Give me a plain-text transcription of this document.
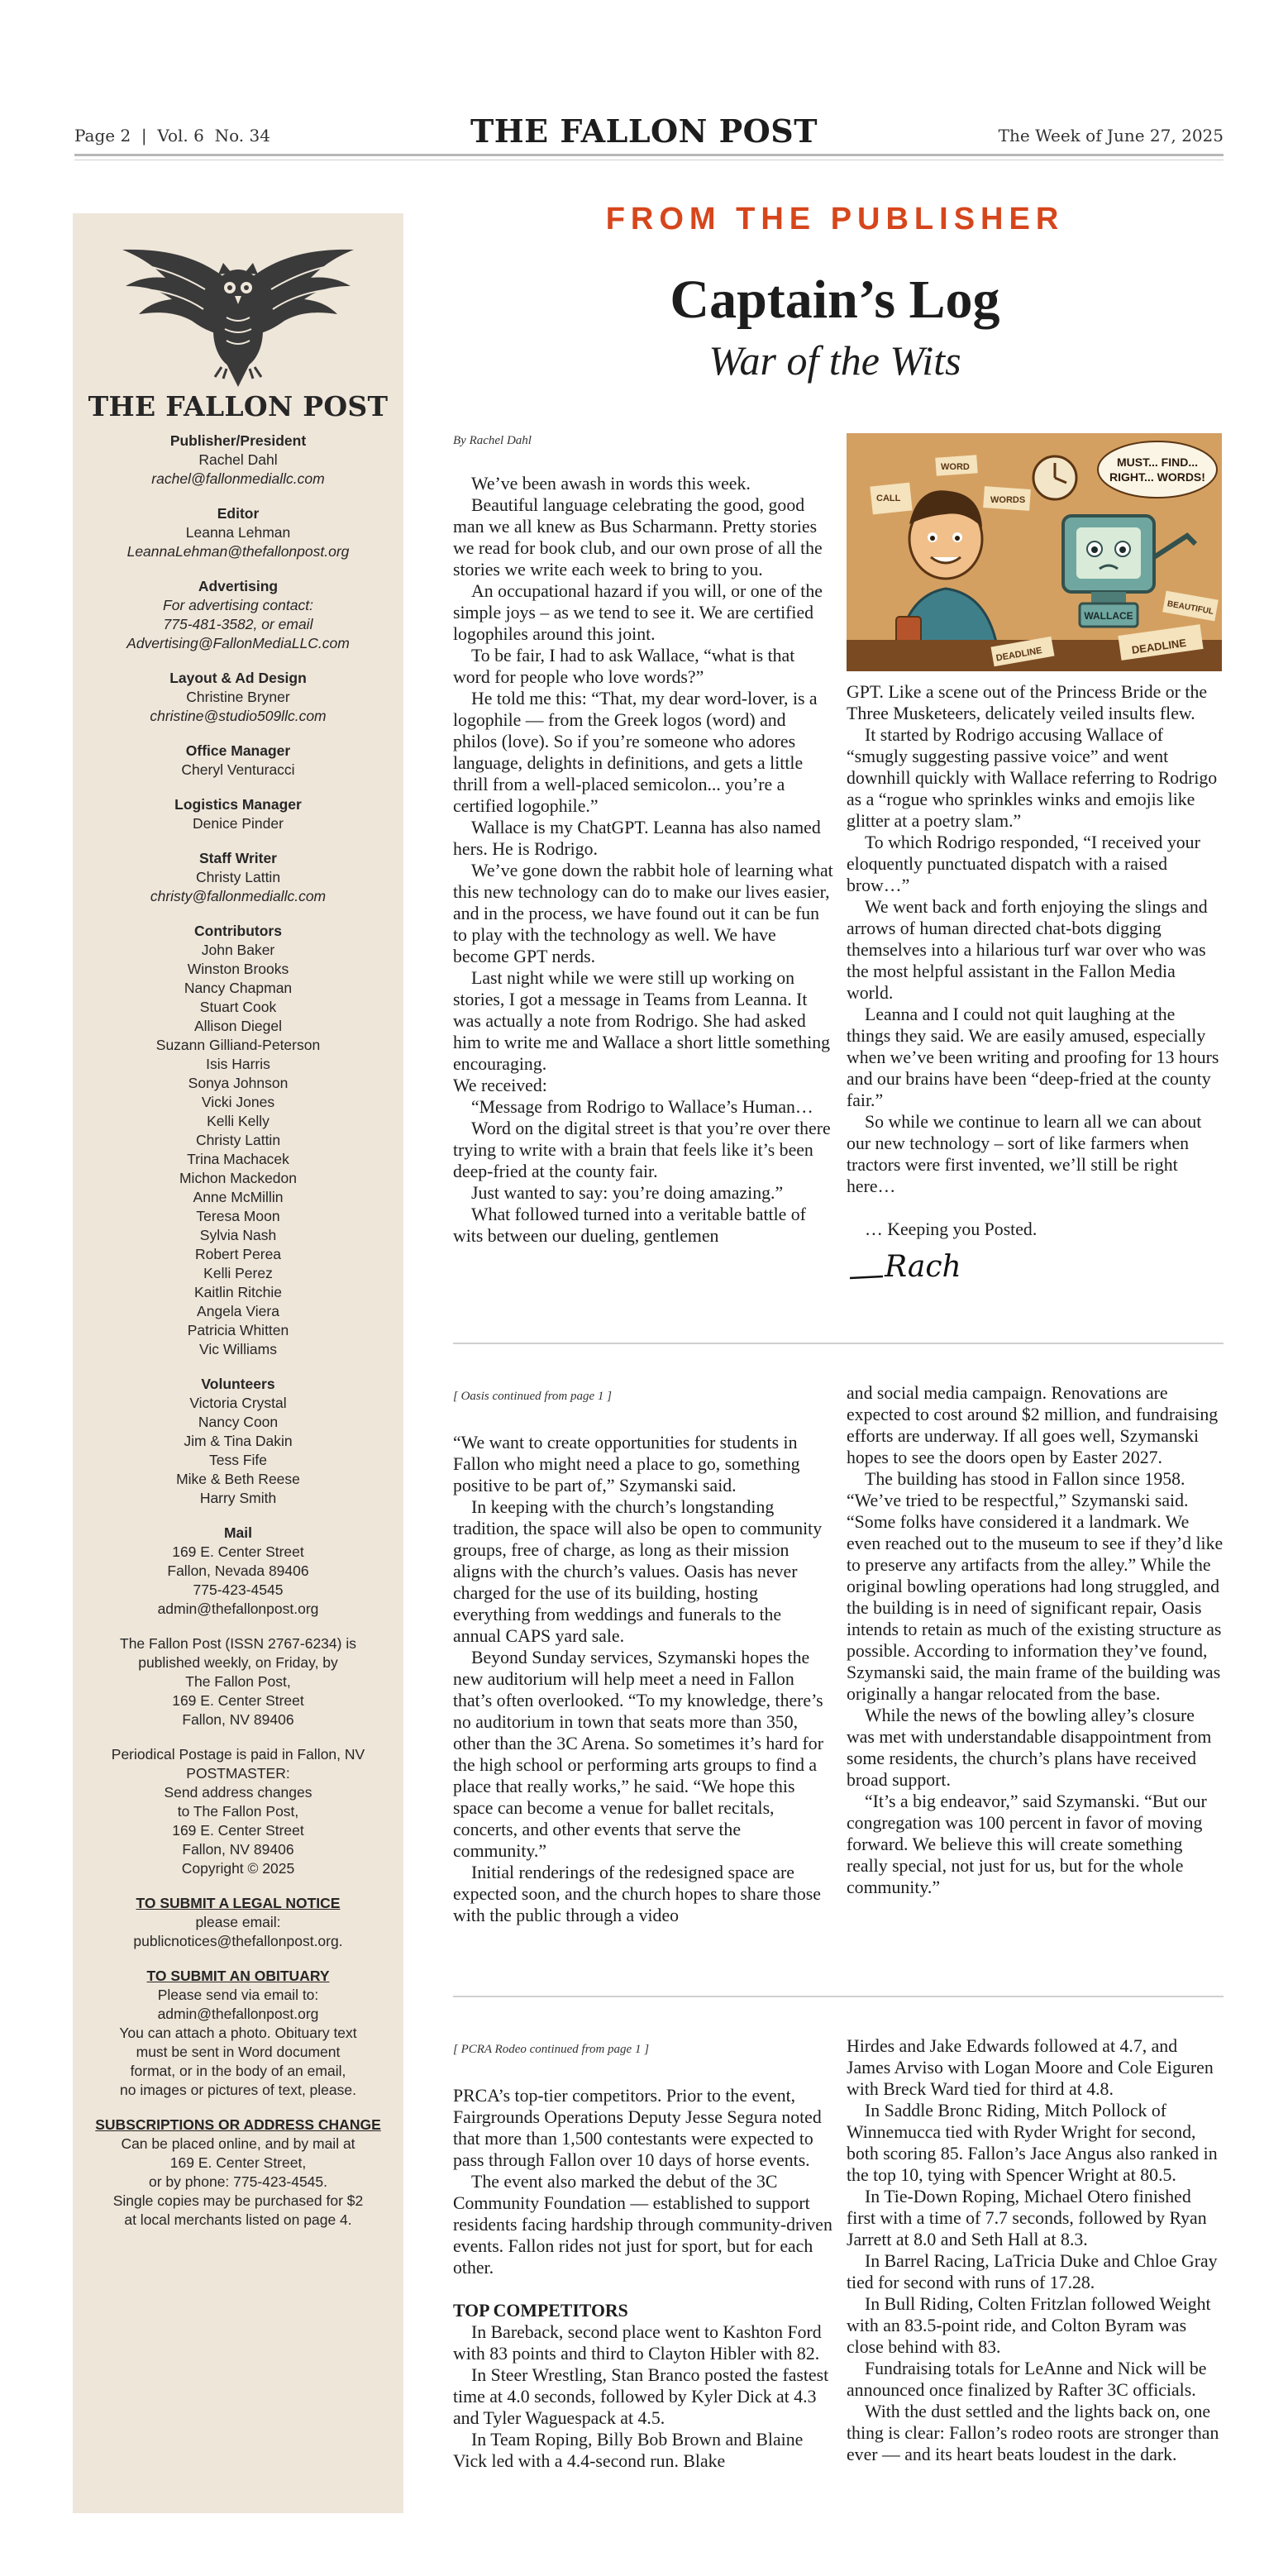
Page 2 | Vol. 6 No. 34	THE FALLON POST	The Week of June 27, 2025
THE FALLON POST
Publisher/President
Rachel Dahl
rachel@fallonmediallc.com
Editor
Leanna Lehman
LeannaLehman@thefallonpost.org
Advertising
For advertising contact:
775-481-3582, or email
Advertising@FallonMediaLLC.com
Layout & Ad Design
Christine Bryner
christine@studio509llc.com
Office Manager
Cheryl Venturacci
Logistics Manager
Denice Pinder
Staff Writer
Christy Lattin
christy@fallonmediallc.com
Contributors
John Baker
Winston Brooks
Nancy Chapman
Stuart Cook
Allison Diegel
Suzann Gilliand-Peterson
Isis Harris
Sonya Johnson
Vicki Jones
Kelli Kelly
Christy Lattin
Trina Machacek
Michon Mackedon
Anne McMillin
Teresa Moon
Sylvia Nash
Robert Perea
Kelli Perez
Kaitlin Ritchie
Angela Viera
Patricia Whitten
Vic Williams
Volunteers
Victoria Crystal
Nancy Coon
Jim & Tina Dakin
Tess Fife
Mike & Beth Reese
Harry Smith
Mail
169 E. Center Street
Fallon, Nevada 89406
775-423-4545
admin@thefallonpost.org
The Fallon Post (ISSN 2767-6234) is
published weekly, on Friday, by
The Fallon Post,
169 E. Center Street
Fallon, NV 89406
Periodical Postage is paid in Fallon, NV
POSTMASTER:
Send address changes
to The Fallon Post,
169 E. Center Street
Fallon, NV 89406
Copyright © 2025
TO SUBMIT A LEGAL NOTICE
please email:
publicnotices@thefallonpost.org.
TO SUBMIT AN OBITUARY
Please send via email to:
admin@thefallonpost.org
You can attach a photo. Obituary text
must be sent in Word document
format, or in the body of an email,
no images or pictures of text, please.
SUBSCRIPTIONS OR ADDRESS CHANGE
Can be placed online, and by mail at
169 E. Center Street,
or by phone: 775-423-4545.
Single copies may be purchased for $2
at local merchants listed on page 4.
FROM THE PUBLISHER
Captain’s Log
War of the Wits

By Rachel Dahl

We’ve been awash in words this week.

Beautiful language celebrating the good, good man we all knew as Bus Scharmann. Pretty stories we read for book club, and our own prose of all the stories we write each week to bring to you.

An occupational hazard if you will, or one of the simple joys – as we tend to see it. We are certified logophiles around this joint.

To be fair, I had to ask Wallace, “what is that word for people who love words?”

He told me this: “That, my dear word-lover, is a logophile — from the Greek logos (word) and philos (love). So if you’re someone who adores language, delights in definitions, and gets a little thrill from a well-placed semicolon... you’re a certified logophile.”

Wallace is my ChatGPT. Leanna has also named hers. He is Rodrigo.

We’ve gone down the rabbit hole of learning what this new technology can do to make our lives easier, and in the process, we have found out it can be fun to play with the technology as well. We have become GPT nerds.

Last night while we were still up working on stories, I got a message in Teams from Leanna. It was actually a note from Rodrigo. She had asked him to write me and Wallace a short little something encouraging.

We received:

“Message from Rodrigo to Wallace’s Human…

Word on the digital street is that you’re over there trying to write with a brain that feels like it’s been deep-fried at the county fair.

Just wanted to say: you’re doing amazing.”

What followed turned into a veritable battle of wits between our dueling, gentlemen

CALL	WORDS
WORD	MUST... FIND...
RIGHT... WORDS!
WALLACE
DEADLINE
BEAUTIFUL
DEADLINE

GPT. Like a scene out of the Princess Bride or the Three Musketeers, delicately veiled insults flew.

It started by Rodrigo accusing Wallace of “smugly suggesting passive voice” and went downhill quickly with Wallace referring to Rodrigo as a “rogue who sprinkles winks and emojis like glitter at a poetry slam.”

To which Rodrigo responded, “I received your eloquently punctuated dispatch with a raised brow…”

We went back and forth enjoying the slings and arrows of human directed chat-bots digging themselves into a hilarious turf war over who was the most helpful assistant in the Fallon Media world.

Leanna and I could not quit laughing at the things they said. We are easily amused, especially when we’ve been writing and proofing for 13 hours and our brains have been “deep-fried at the county fair.”

So while we continue to learn all we can about our new technology – sort of like farmers when tractors were first invented, we’ll still be right here…

… Keeping you Posted.

Rach

[ Oasis continued from page 1 ]

“We want to create opportunities for students in Fallon who might need a place to go, something positive to be part of,” Szymanski said.

In keeping with the church’s longstanding tradition, the space will also be open to community groups, free of charge, as long as their mission aligns with the church’s values. Oasis has never charged for the use of its building, hosting everything from weddings and funerals to the annual CAPS yard sale.

Beyond Sunday services, Szymanski hopes the new auditorium will help meet a need in Fallon that’s often overlooked. “To my knowledge, there’s no auditorium in town that seats more than 350, other than the 3C Arena. So sometimes it’s hard for the high school or performing arts groups to find a place that really works,” he said. “We hope this space can become a venue for ballet recitals, concerts, and other events that serve the community.”

Initial renderings of the redesigned space are expected soon, and the church hopes to share those with the public through a video

and social media campaign. Renovations are expected to cost around $2 million, and fundraising efforts are underway. If all goes well, Szymanski hopes to see the doors open by Easter 2027.

The building has stood in Fallon since 1958. “We’ve tried to be respectful,” Szymanski said. “Some folks have considered it a landmark. We even reached out to the museum to see if they’d like to preserve any artifacts from the alley.” While the original bowling operations had long struggled, and the building is in need of significant repair, Oasis intends to retain as much of the existing structure as possible. According to information they’ve found, Szymanski said, the main frame of the building was originally a hangar relocated from the base.

While the news of the bowling alley’s closure was met with understandable disappointment from some residents, the church’s plans have received broad support.

“It’s a big endeavor,” said Szymanski. “But our congregation was 100 percent in favor of moving forward. We believe this will create something really special, not just for us, but for the whole community.”

[ PCRA Rodeo continued from page 1 ]

PRCA’s top-tier competitors. Prior to the event, Fairgrounds Operations Deputy Jesse Segura noted that more than 1,500 contestants were expected to pass through Fallon over 10 days of horse events.

The event also marked the debut of the 3C Community Foundation — established to support residents facing hardship through community-driven events. Fallon rides not just for sport, but for each other.

TOP COMPETITORS

In Bareback, second place went to Kashton Ford with 83 points and third to Clayton Hibler with 82.

In Steer Wrestling, Stan Branco posted the fastest time at 4.0 seconds, followed by Kyler Dick at 4.3 and Tyler Waguespack at 4.5.

In Team Roping, Billy Bob Brown and Blaine Vick led with a 4.4-second run. Blake

Hirdes and Jake Edwards followed at 4.7, and James Arviso with Logan Moore and Cole Eiguren with Breck Ward tied for third at 4.8.

In Saddle Bronc Riding, Mitch Pollock of Winnemucca tied with Ryder Wright for second, both scoring 85. Fallon’s Jace Angus also ranked in the top 10, tying with Spencer Wright at 80.5.

In Tie-Down Roping, Michael Otero finished first with a time of 7.7 seconds, followed by Ryan Jarrett at 8.0 and Seth Hall at 8.3.

In Barrel Racing, LaTricia Duke and Chloe Gray tied for second with runs of 17.28.

In Bull Riding, Colten Fritzlan followed Weight with an 83.5-point ride, and Colton Byram was close behind with 83.

Fundraising totals for LeAnne and Nick will be announced once finalized by Rafter 3C officials.

With the dust settled and the lights back on, one thing is clear: Fallon’s rodeo roots are stronger than ever — and its heart beats loudest in the dark.
